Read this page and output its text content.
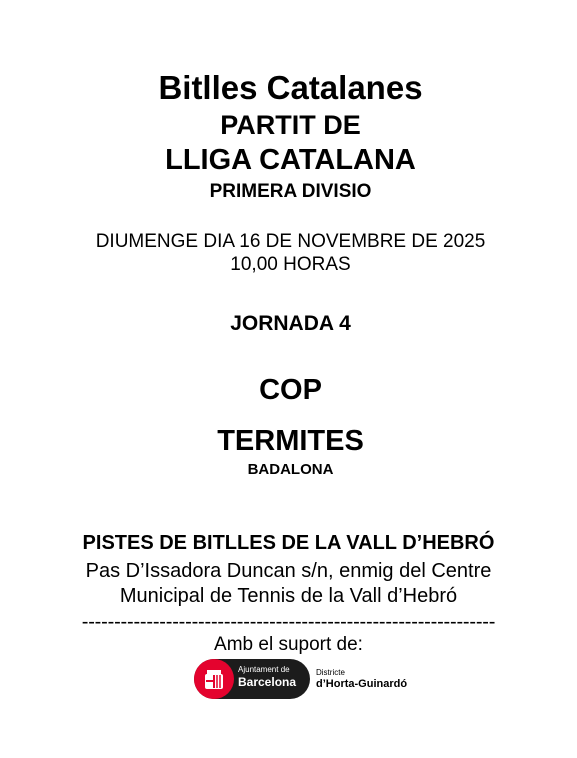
Bitlles Catalanes
PARTIT DE
LLIGA CATALANA
PRIMERA DIVISIO
DIUMENGE DIA 16 DE NOVEMBRE DE 2025
10,00 HORAS
JORNADA 4
COP
TERMITES
BADALONA
PISTES DE BITLLES DE LA VALL D’HEBRÓ
Pas D’Issadora Duncan s/n, enmig del Centre
Municipal de Tennis de la Vall d’Hebró
----------------------------------------------------------------
Amb el suport de:
Ajuntament de
Barcelona
Districte
d’Horta-Guinardó
